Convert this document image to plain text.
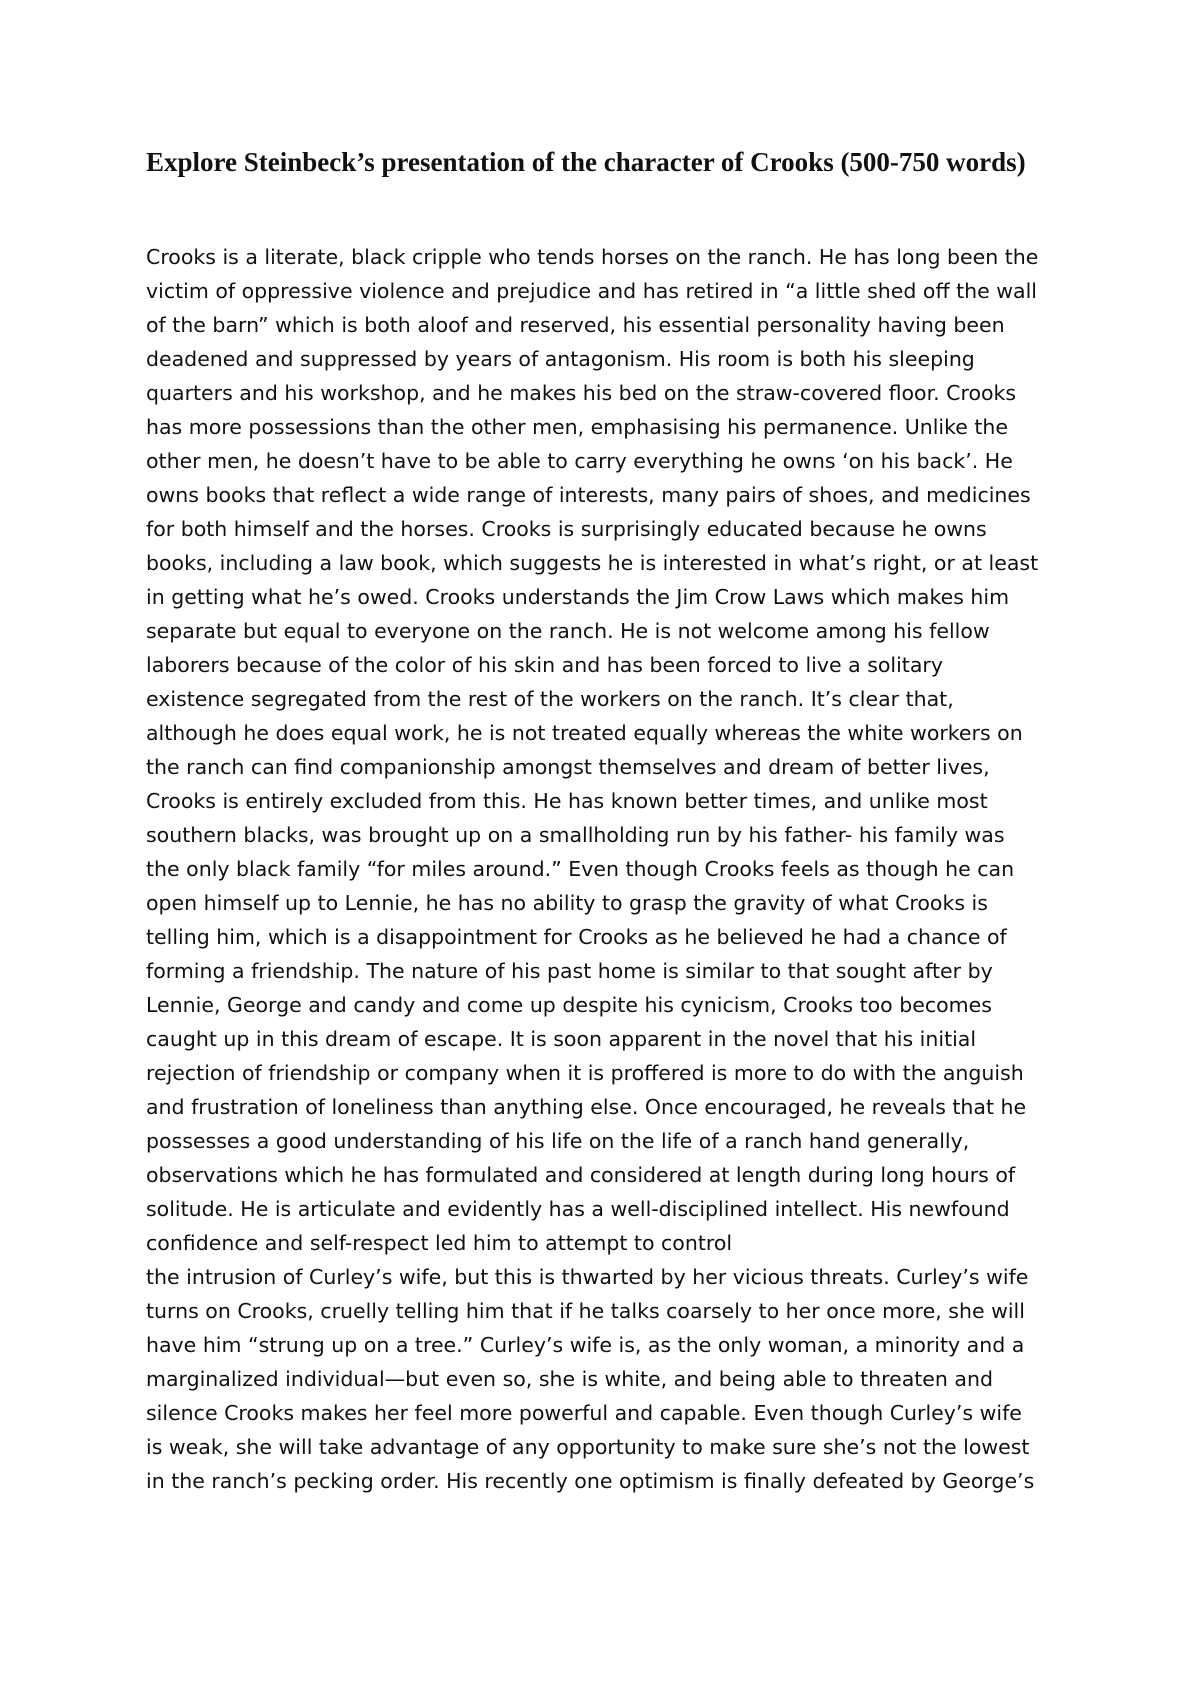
Explore Steinbeck’s presentation of the character of Crooks (500-750 words)
Crooks is a literate, black cripple who tends horses on the ranch. He has long been the
victim of oppressive violence and prejudice and has retired in “a little shed off the wall
of the barn” which is both aloof and reserved, his essential personality having been
deadened and suppressed by years of antagonism. His room is both his sleeping
quarters and his workshop, and he makes his bed on the straw-covered floor. Crooks
has more possessions than the other men, emphasising his permanence. Unlike the
other men, he doesn’t have to be able to carry everything he owns ‘on his back’. He
owns books that reflect a wide range of interests, many pairs of shoes, and medicines
for both himself and the horses. Crooks is surprisingly educated because he owns
books, including a law book, which suggests he is interested in what’s right, or at least
in getting what he’s owed. Crooks understands the Jim Crow Laws which makes him
separate but equal to everyone on the ranch. He is not welcome among his fellow
laborers because of the color of his skin and has been forced to live a solitary
existence segregated from the rest of the workers on the ranch. It’s clear that,
although he does equal work, he is not treated equally whereas the white workers on
the ranch can find companionship amongst themselves and dream of better lives,
Crooks is entirely excluded from this. He has known better times, and unlike most
southern blacks, was brought up on a smallholding run by his father- his family was
the only black family “for miles around.” Even though Crooks feels as though he can
open himself up to Lennie, he has no ability to grasp the gravity of what Crooks is
telling him, which is a disappointment for Crooks as he believed he had a chance of
forming a friendship. The nature of his past home is similar to that sought after by
Lennie, George and candy and come up despite his cynicism, Crooks too becomes
caught up in this dream of escape. It is soon apparent in the novel that his initial
rejection of friendship or company when it is proffered is more to do with the anguish
and frustration of loneliness than anything else. Once encouraged, he reveals that he
possesses a good understanding of his life on the life of a ranch hand generally,
observations which he has formulated and considered at length during long hours of
solitude. He is articulate and evidently has a well-disciplined intellect. His newfound
confidence and self-respect led him to attempt to control
the intrusion of Curley’s wife, but this is thwarted by her vicious threats. Curley’s wife
turns on Crooks, cruelly telling him that if he talks coarsely to her once more, she will
have him “strung up on a tree.” Curley’s wife is, as the only woman, a minority and a
marginalized individual—but even so, she is white, and being able to threaten and
silence Crooks makes her feel more powerful and capable. Even though Curley’s wife
is weak, she will take advantage of any opportunity to make sure she’s not the lowest
in the ranch’s pecking order. His recently one optimism is finally defeated by George’s
